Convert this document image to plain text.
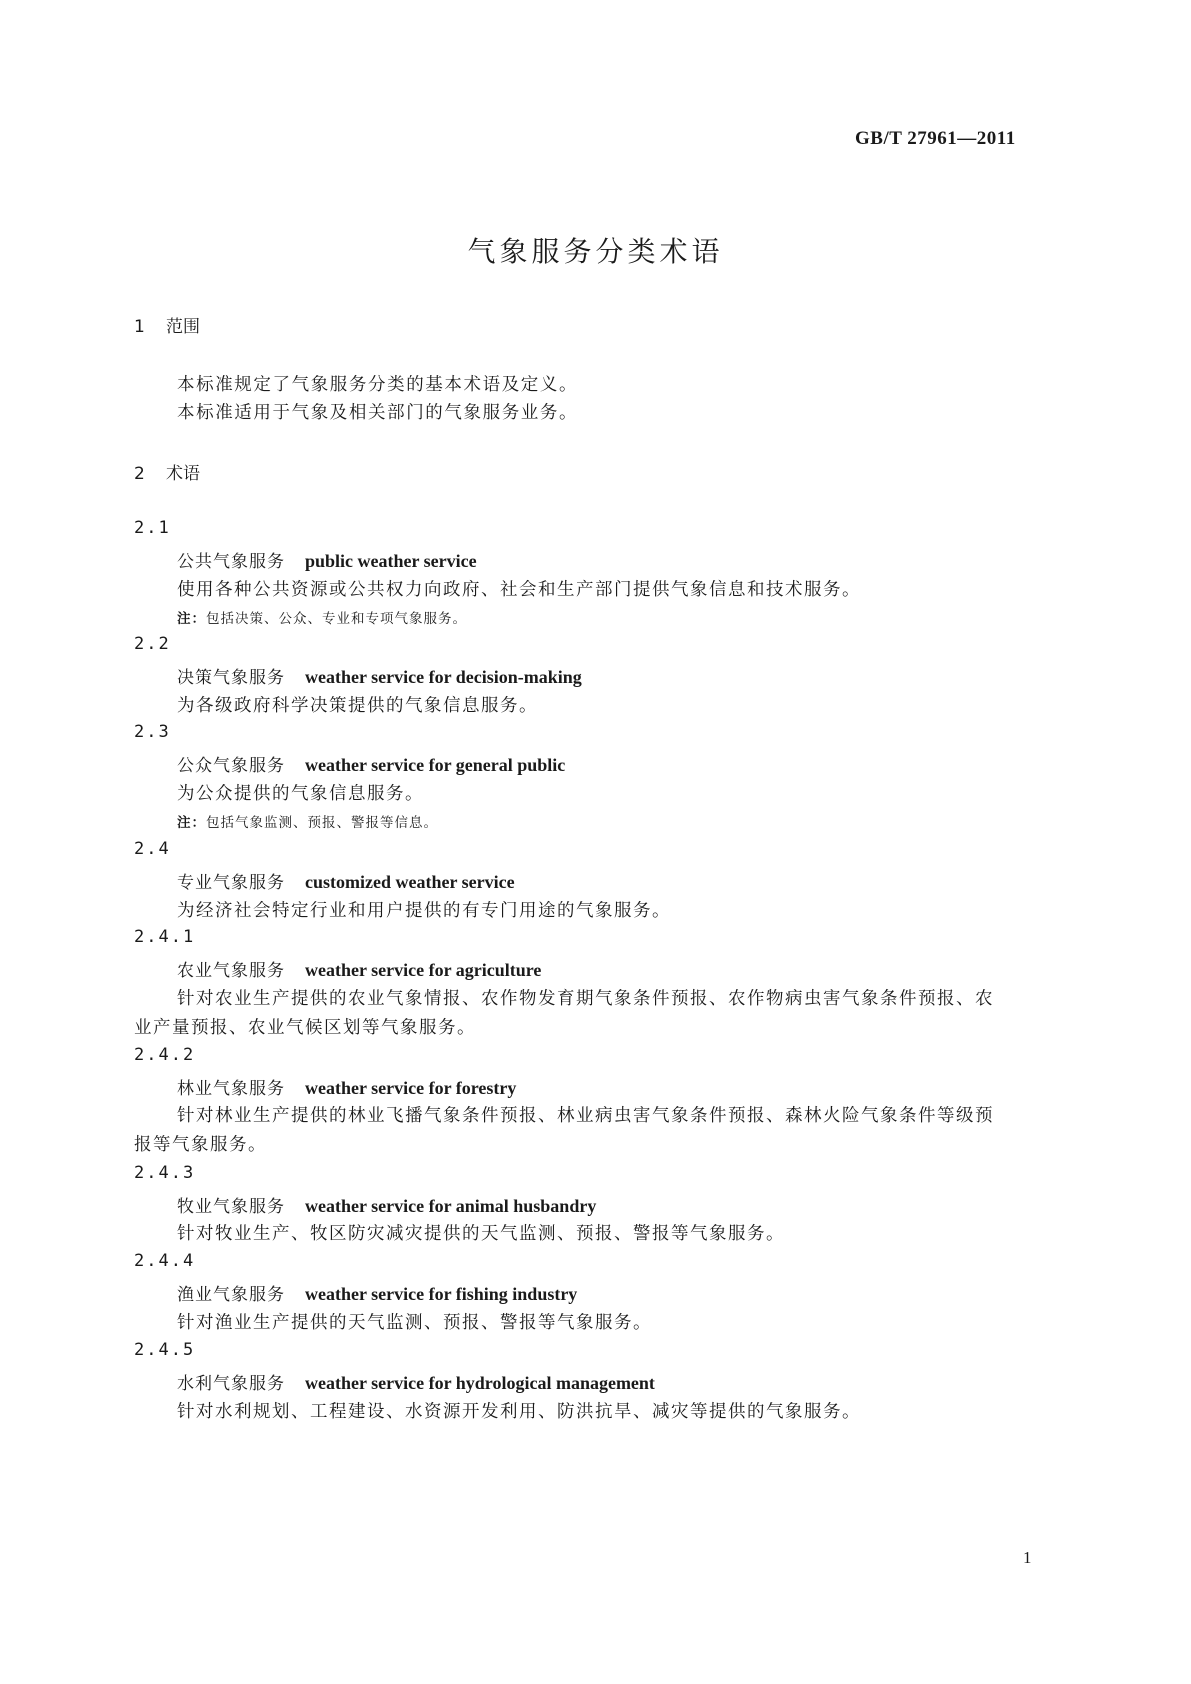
GB/T 27961—2011
气象服务分类术语
1 范围
本标准规定了气象服务分类的基本术语及定义。
本标准适用于气象及相关部门的气象服务业务。
2 术语
2.1
公共气象服务 public weather service
使用各种公共资源或公共权力向政府、社会和生产部门提供气象信息和技术服务。
注：包括决策、公众、专业和专项气象服务。
2.2
决策气象服务 weather service for decision-making
为各级政府科学决策提供的气象信息服务。
2.3
公众气象服务 weather service for general public
为公众提供的气象信息服务。
注：包括气象监测、预报、警报等信息。
2.4
专业气象服务 customized weather service
为经济社会特定行业和用户提供的有专门用途的气象服务。
2.4.1
农业气象服务 weather service for agriculture
针对农业生产提供的农业气象情报、农作物发育期气象条件预报、农作物病虫害气象条件预报、农
业产量预报、农业气候区划等气象服务。
2.4.2
林业气象服务 weather service for forestry
针对林业生产提供的林业飞播气象条件预报、林业病虫害气象条件预报、森林火险气象条件等级预
报等气象服务。
2.4.3
牧业气象服务 weather service for animal husbandry
针对牧业生产、牧区防灾减灾提供的天气监测、预报、警报等气象服务。
2.4.4
渔业气象服务 weather service for fishing industry
针对渔业生产提供的天气监测、预报、警报等气象服务。
2.4.5
水利气象服务 weather service for hydrological management
针对水利规划、工程建设、水资源开发利用、防洪抗旱、减灾等提供的气象服务。
1
